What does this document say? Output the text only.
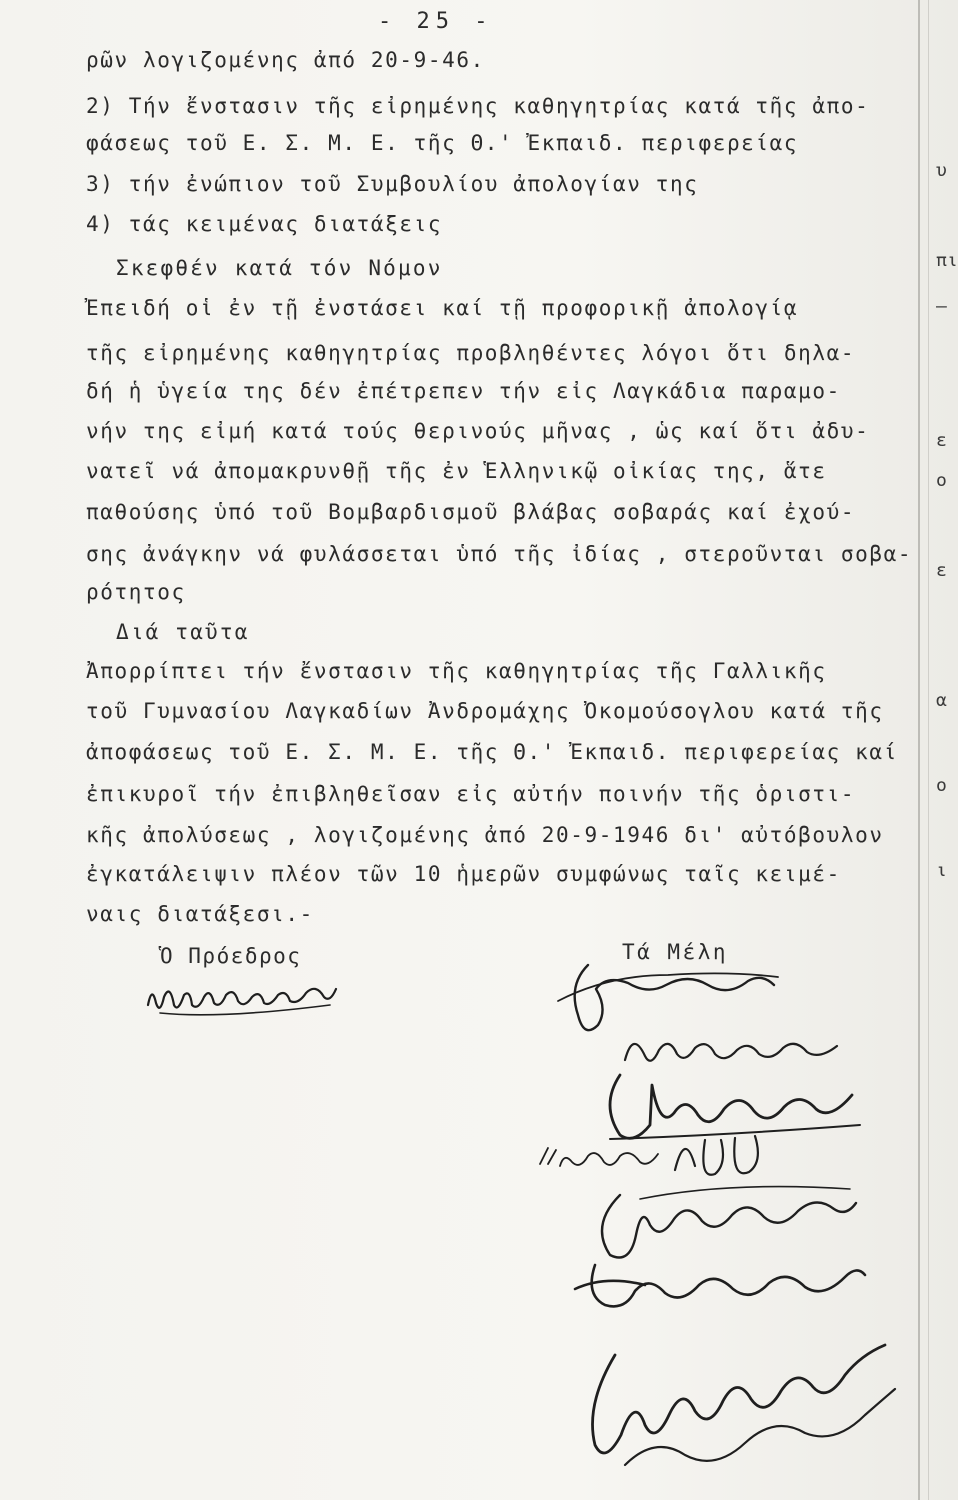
- 25 -
ρῶν λογιζομένης ἀπό 20-9-46.
2) Τήν ἔνστασιν τῆς εἰρημένης καθηγητρίας κατά τῆς ἀπο-
φάσεως τοῦ Ε. Σ. Μ. Ε. τῆς Θ.' Ἐκπαιδ. περιφερείας
3) τήν ἐνώπιον τοῦ Συμβουλίου ἀπολογίαν της
4) τάς κειμένας διατάξεις
Σκεφθέν κατά τόν Νόμον
Ἐπειδή οἱ ἐν τῇ ἐνστάσει καί τῇ προφορικῇ ἀπολογίᾳ
τῆς εἰρημένης καθηγητρίας προβληθέντες λόγοι ὅτι δηλα-
δή ἡ ὑγεία της δέν ἐπέτρεπεν τήν εἰς Λαγκάδια παραμο-
νήν της εἰμή κατά τούς θερινούς μῆνας , ὡς καί ὅτι ἀδυ-
νατεῖ νά ἀπομακρυνθῇ τῆς ἐν Ἑλληνικῷ οἰκίας της, ἅτε
παθούσης ὑπό τοῦ Βομβαρδισμοῦ βλάβας σοβαράς καί ἐχού-
σης ἀνάγκην νά φυλάσσεται ὑπό τῆς ἰδίας , στεροῦνται σοβα-
ρότητος
Διά ταῦτα
Ἀπορρίπτει τήν ἔνστασιν τῆς καθηγητρίας τῆς Γαλλικῆς
τοῦ Γυμνασίου Λαγκαδίων Ἀνδρομάχης Ὀκομούσογλου κατά τῆς
ἀποφάσεως τοῦ Ε. Σ. Μ. Ε. τῆς Θ.' Ἐκπαιδ. περιφερείας καί
ἐπικυροῖ τήν ἐπιβληθεῖσαν εἰς αὐτήν ποινήν τῆς ὁριστι-
κῆς ἀπολύσεως , λογιζομένης ἀπό 20-9-1946 δι' αὐτόβουλον
ἐγκατάλειψιν πλέον τῶν 10 ἡμερῶν συμφώνως ταῖς κειμέ-
ναις διατάξεσι.-
Ὁ Πρόεδρος	Τά Μέλη
υ
πι
—
ε
ο
ε
α
ο
ι
